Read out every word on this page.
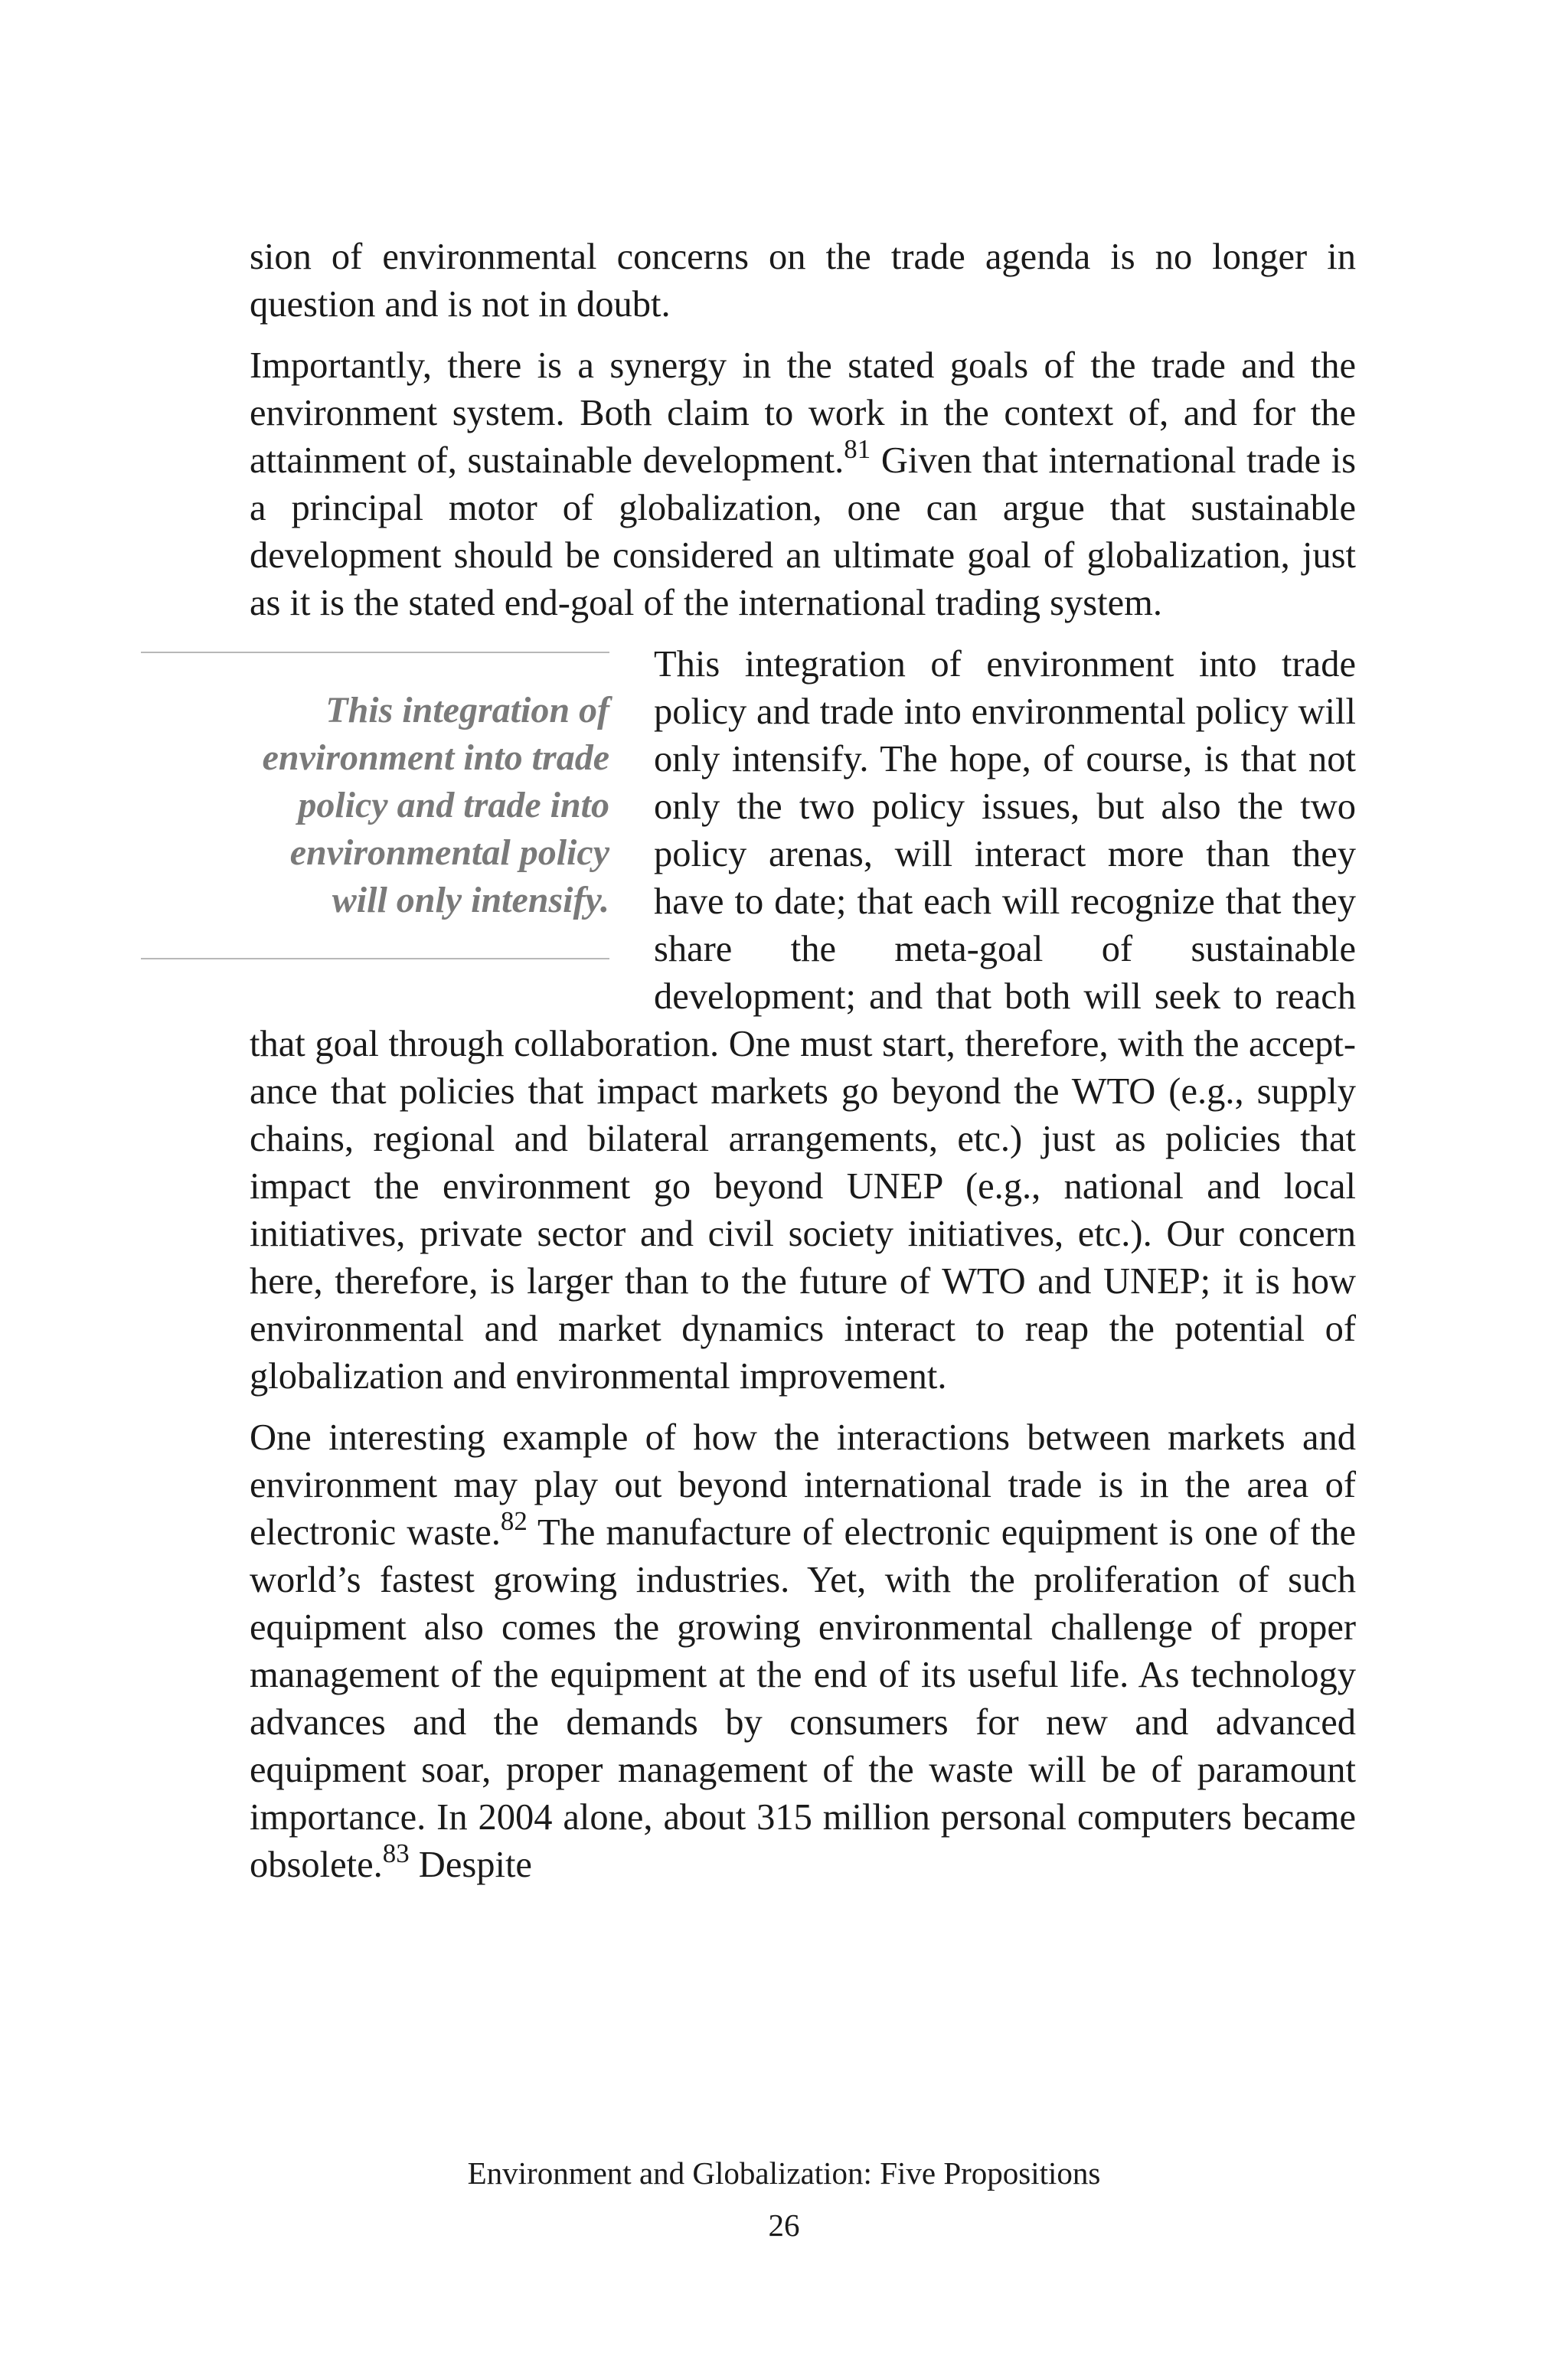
sion of environmental concerns on the trade agenda is no longer in question and is not in doubt.

Importantly, there is a synergy in the stated goals of the trade and the environment system. Both claim to work in the context of, and for the attainment of, sustainable development.$^{81}$ Given that international trade is a principal motor of globalization, one can argue that sustainable development should be considered an ultimate goal of globalization, just as it is the stated end-goal of the international trading system.

This integration of environment into trade policy and trade into environmental policy will only intensify.

This integration of environment into trade policy and trade into environmental policy will only intensify. The hope, of course, is that not only the two policy issues, but also the two policy arenas, will interact more than they have to date; that each will recognize that they share the meta-goal of sustainable development; and that both will seek to reach that goal through collaboration. One must start, therefore, with the acceptance that policies that impact markets go beyond the WTO (e.g., supply chains, regional and bilateral arrangements, etc.) just as policies that impact the environment go beyond UNEP (e.g., national and local initiatives, private sector and civil society initiatives, etc.). Our concern here, therefore, is larger than to the future of WTO and UNEP; it is how environmental and market dynamics interact to reap the potential of globalization and environmental improvement.

One interesting example of how the interactions between markets and environment may play out beyond international trade is in the area of electronic waste.$^{82}$ The manufacture of electronic equipment is one of the world’s fastest growing industries. Yet, with the proliferation of such equipment also comes the growing environmental challenge of proper management of the equipment at the end of its useful life. As technology advances and the demands by consumers for new and advanced equipment soar, proper management of the waste will be of paramount importance. In 2004 alone, about 315 million personal computers became obsolete.$^{83}$ Despite

Environment and Globalization: Five Propositions
26
